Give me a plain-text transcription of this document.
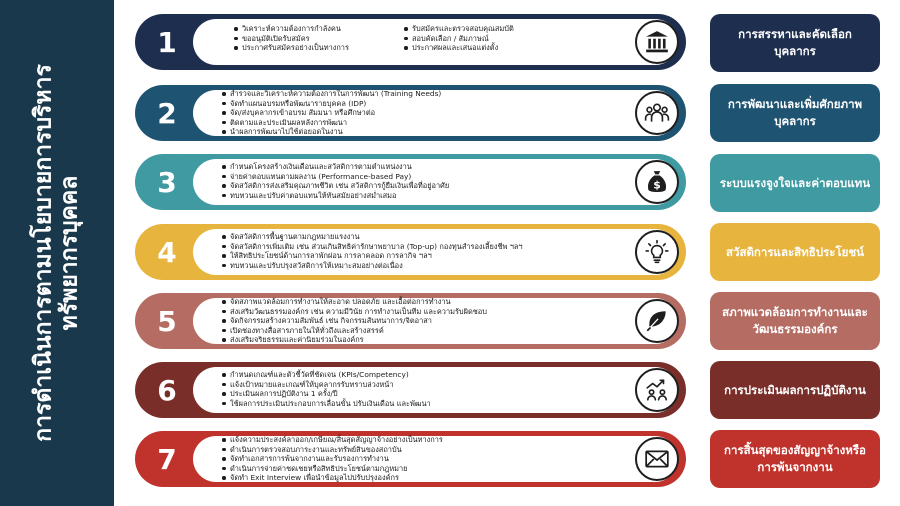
การดำเนินการตามนโยบายการบริหาร ทรัพยากรบุคคล
วิเคราะห์ความต้องการกำลังคน
ขออนุมัติเปิดรับสมัคร
ประกาศรับสมัครอย่างเป็นทางการ
รับสมัครและตรวจสอบคุณสมบัติ
สอบคัดเลือก / สัมภาษณ์
ประกาศผลและเสนอแต่งตั้ง
1	การสรรหาและคัดเลือกบุคลากร
สำรวจและวิเคราะห์ความต้องการในการพัฒนา (Training Needs)
จัดทำแผนอบรมหรือพัฒนารายบุคคล (IDP)
จัด/ส่งบุคลากรเข้าอบรม สัมมนา หรือศึกษาต่อ
ติดตามและประเมินผลหลังการพัฒนา
นำผลการพัฒนาไปใช้ต่อยอดในงาน
2	การพัฒนาและเพิ่มศักยภาพบุคลากร
กำหนดโครงสร้างเงินเดือนและสวัสดิการตามตำแหน่งงาน
จ่ายค่าตอบแทนตามผลงาน (Performance-based Pay)
จัดสวัสดิการส่งเสริมคุณภาพชีวิต เช่น สวัสดิการกู้ยืมเงินเพื่อที่อยู่อาศัย
ทบทวนและปรับค่าตอบแทนให้ทันสมัยอย่างสม่ำเสมอ
3	$	ระบบแรงจูงใจและค่าตอบแทน
จัดสวัสดิการพื้นฐานตามกฎหมายแรงงาน
จัดสวัสดิการเพิ่มเติม เช่น ส่วนเกินสิทธิค่ารักษาพยาบาล (Top-up) กองทุนสำรองเลี้ยงชีพ ฯลฯ
ให้สิทธิประโยชน์ด้านการลาพักผ่อน การลาคลอด การลากิจ ฯลฯ
ทบทวนและปรับปรุงสวัสดิการให้เหมาะสมอย่างต่อเนื่อง
4	สวัสดิการและสิทธิประโยชน์
จัดสภาพแวดล้อมการทำงานให้สะอาด ปลอดภัย และเอื้อต่อการทำงาน
ส่งเสริมวัฒนธรรมองค์กร เช่น ความมีวินัย การทำงานเป็นทีม และความรับผิดชอบ
จัดกิจกรรมสร้างความสัมพันธ์ เช่น กิจกรรมสันทนาการ/จิตอาสา
เปิดช่องทางสื่อสารภายในให้ทั่วถึงและสร้างสรรค์
ส่งเสริมจริยธรรมและค่านิยมร่วมในองค์กร
5	สภาพแวดล้อมการทำงานและวัฒนธรรมองค์กร
กำหนดเกณฑ์และตัวชี้วัดที่ชัดเจน (KPIs/Competency)
แจ้งเป้าหมายและเกณฑ์ให้บุคลากรรับทราบล่วงหน้า
ประเมินผลการปฏิบัติงาน 1 ครั้ง/ปี
ใช้ผลการประเมินประกอบการเลื่อนขั้น ปรับเงินเดือน และพัฒนา
6	การประเมินผลการปฏิบัติงาน
แจ้งความประสงค์ลาออก/เกษียณ/สิ้นสุดสัญญาจ้างอย่างเป็นทางการ
ดำเนินการตรวจสอบภาระงานและทรัพย์สินของสถาบัน
จัดทำเอกสารการพ้นจากงานและรับรองการทำงาน
ดำเนินการจ่ายค่าชดเชยหรือสิทธิประโยชน์ตามกฎหมาย
จัดทำ Exit Interview เพื่อนำข้อมูลไปปรับปรุงองค์กร
7	การสิ้นสุดของสัญญาจ้างหรือการพ้นจากงาน
